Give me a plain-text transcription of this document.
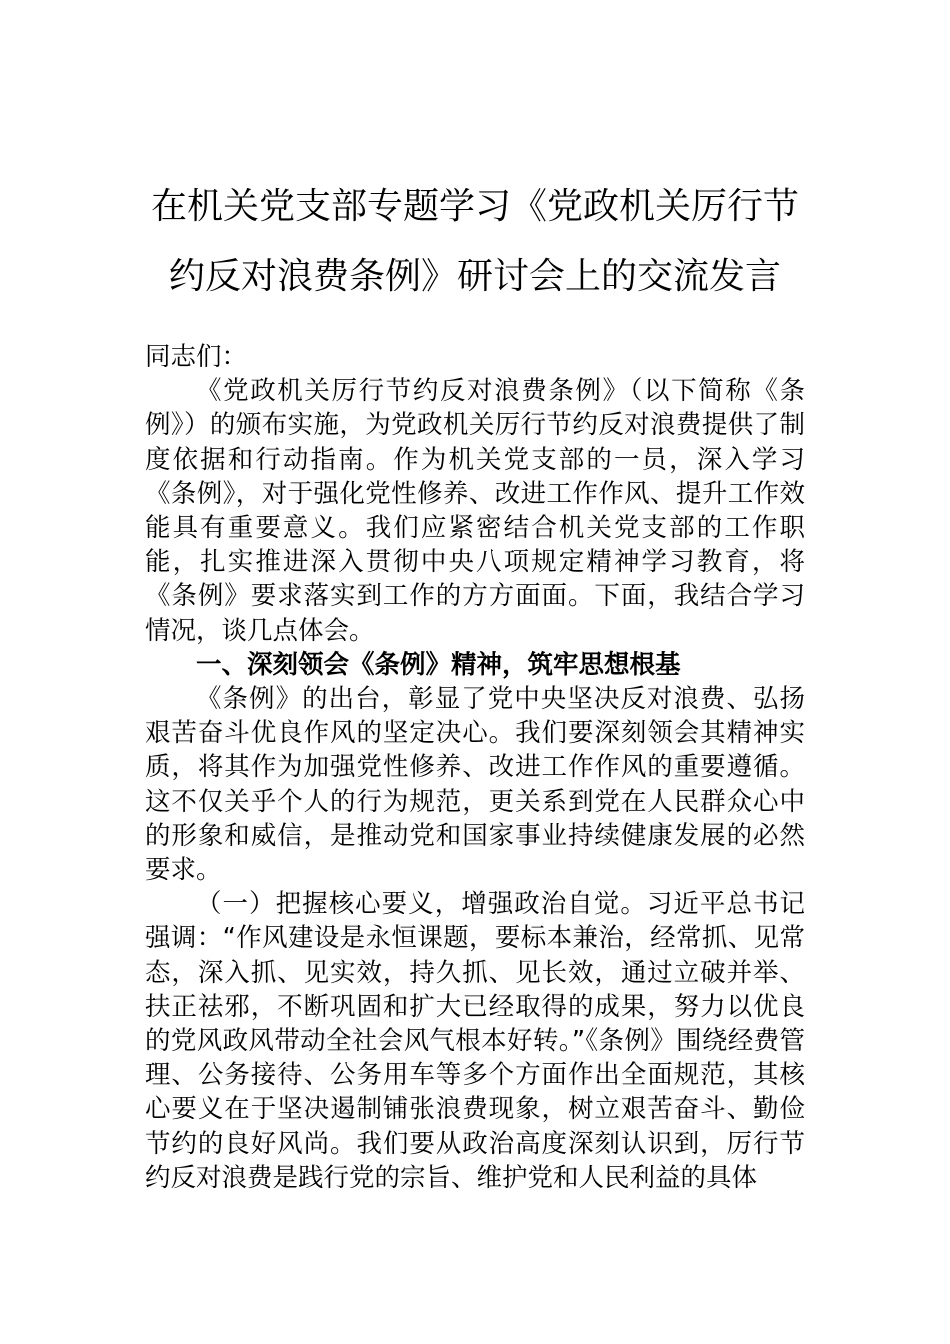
在机关党支部专题学习《党政机关厉行节
约反对浪费条例》研讨会上的交流发言

同志们：

《党政机关厉行节约反对浪费条例》（以下简称《条例》）的颁布实施，为党政机关厉行节约反对浪费提供了制度依据和行动指南。作为机关党支部的一员，深入学习《条例》，对于强化党性修养、改进工作作风、提升工作效能具有重要意义。我们应紧密结合机关党支部的工作职能，扎实推进深入贯彻中央八项规定精神学习教育，将《条例》要求落实到工作的方方面面。下面，我结合学习情况，谈几点体会。

一、深刻领会《条例》精神，筑牢思想根基

《条例》的出台，彰显了党中央坚决反对浪费、弘扬艰苦奋斗优良作风的坚定决心。我们要深刻领会其精神实质，将其作为加强党性修养、改进工作作风的重要遵循。这不仅关乎个人的行为规范，更关系到党在人民群众心中的形象和威信，是推动党和国家事业持续健康发展的必然要求。

（一）把握核心要义，增强政治自觉。习近平总书记强调：“作风建设是永恒课题，要标本兼治，经常抓、见常态，深入抓、见实效，持久抓、见长效，通过立破并举、扶正祛邪，不断巩固和扩大已经取得的成果，努力以优良的党风政风带动全社会风气根本好转。”《条例》围绕经费管理、公务接待、公务用车等多个方面作出全面规范，其核心要义在于坚决遏制铺张浪费现象，树立艰苦奋斗、勤俭节约的良好风尚。我们要从政治高度深刻认识到，厉行节约反对浪费是践行党的宗旨、维护党和人民利益的具体
